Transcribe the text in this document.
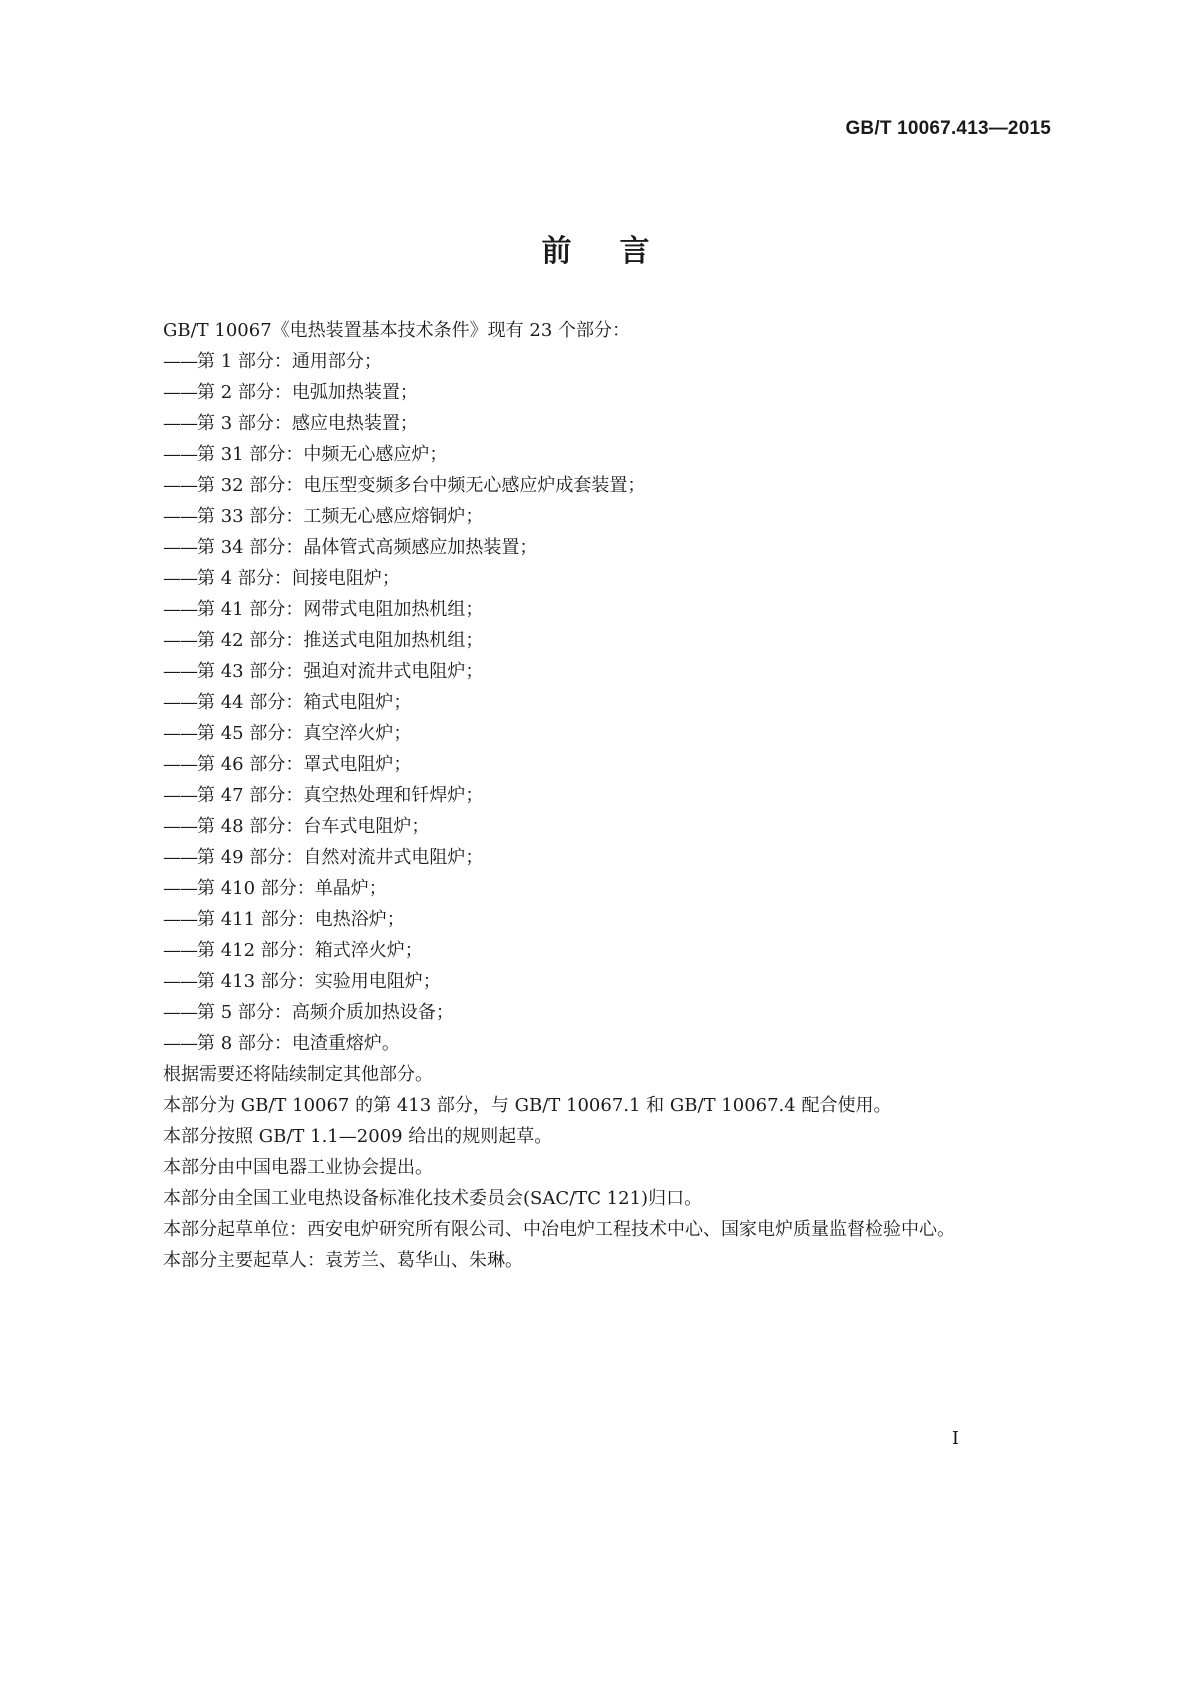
GB/T 10067.413—2015
前言
GB/T 10067《电热装置基本技术条件》现有 23 个部分：
——第 1 部分：通用部分；
——第 2 部分：电弧加热装置；
——第 3 部分：感应电热装置；
——第 31 部分：中频无心感应炉；
——第 32 部分：电压型变频多台中频无心感应炉成套装置；
——第 33 部分：工频无心感应熔铜炉；
——第 34 部分：晶体管式高频感应加热装置；
——第 4 部分：间接电阻炉；
——第 41 部分：网带式电阻加热机组；
——第 42 部分：推送式电阻加热机组；
——第 43 部分：强迫对流井式电阻炉；
——第 44 部分：箱式电阻炉；
——第 45 部分：真空淬火炉；
——第 46 部分：罩式电阻炉；
——第 47 部分：真空热处理和钎焊炉；
——第 48 部分：台车式电阻炉；
——第 49 部分：自然对流井式电阻炉；
——第 410 部分：单晶炉；
——第 411 部分：电热浴炉；
——第 412 部分：箱式淬火炉；
——第 413 部分：实验用电阻炉；
——第 5 部分：高频介质加热设备；
——第 8 部分：电渣重熔炉。
根据需要还将陆续制定其他部分。
本部分为 GB/T 10067 的第 413 部分，与 GB/T 10067.1 和 GB/T 10067.4 配合使用。
本部分按照 GB/T 1.1—2009 给出的规则起草。
本部分由中国电器工业协会提出。
本部分由全国工业电热设备标准化技术委员会(SAC/TC 121)归口。
本部分起草单位：西安电炉研究所有限公司、中冶电炉工程技术中心、国家电炉质量监督检验中心。
本部分主要起草人：袁芳兰、葛华山、朱琳。
I
